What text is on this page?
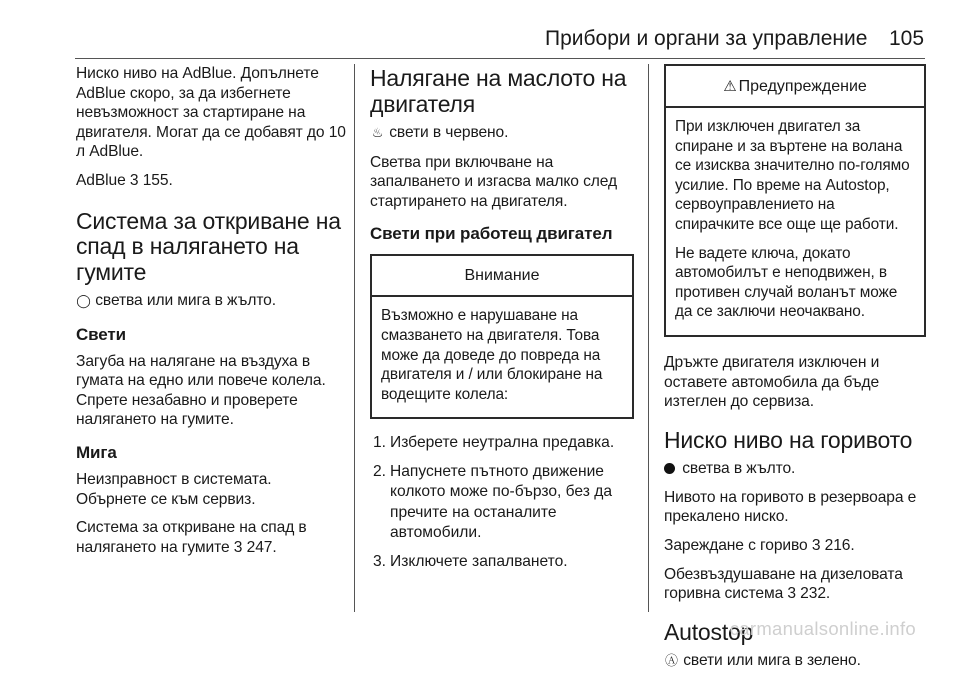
Прибори и органи за управление 105

Ниско ниво на AdBlue. Допълнете AdBlue скоро, за да избегнете невъзможност за стартиране на двигателя. Могат да се добавят до 10 л AdBlue.

AdBlue 3 155.

Система за откриване на спад в налягането на гумите

◯ светва или мига в жълто.

Свети

Загуба на налягане на въздуха в гумата на едно или повече колела. Спрете незабавно и проверете налягането на гумите.

Мига

Неизправност в системата. Обърнете се към сервиз.

Система за откриване на спад в налягането на гумите 3 247.

Налягане на маслото на двигателя

♨ свети в червено.

Светва при включване на запалването и изгасва малко след стартирането на двигателя.

Свети при работещ двигател
Внимание

Възможно е нарушаване на смазването на двигателя. Това може да доведе до повреда на двигателя и / или блокиране на водещите колела:

1. Изберете неутрална предавка.
2. Напуснете пътното движение колкото може по-бързо, без да пречите на останалите автомобили.
3. Изключете запалването.
⚠ Предупреждение

При изключен двигател за спиране и за въртене на волана се изисква значително по-голямо усилие. По време на Autostop, сервоуправлението на спирачките все още ще работи.

Не вадете ключа, докато автомобилът е неподвижен, в противен случай воланът може да се заключи неочаквано.

Дръжте двигателя изключен и оставете автомобила да бъде изтеглен до сервиза.

Ниско ниво на горивото

светва в жълто.

Нивото на горивото в резервоара е прекалено ниско.

Зареждане с гориво 3 216.

Обезвъздушаване на дизеловата горивна система 3 232.

Autostop

Ⓐ свети или мига в зелено.

carmanualsonline.info
